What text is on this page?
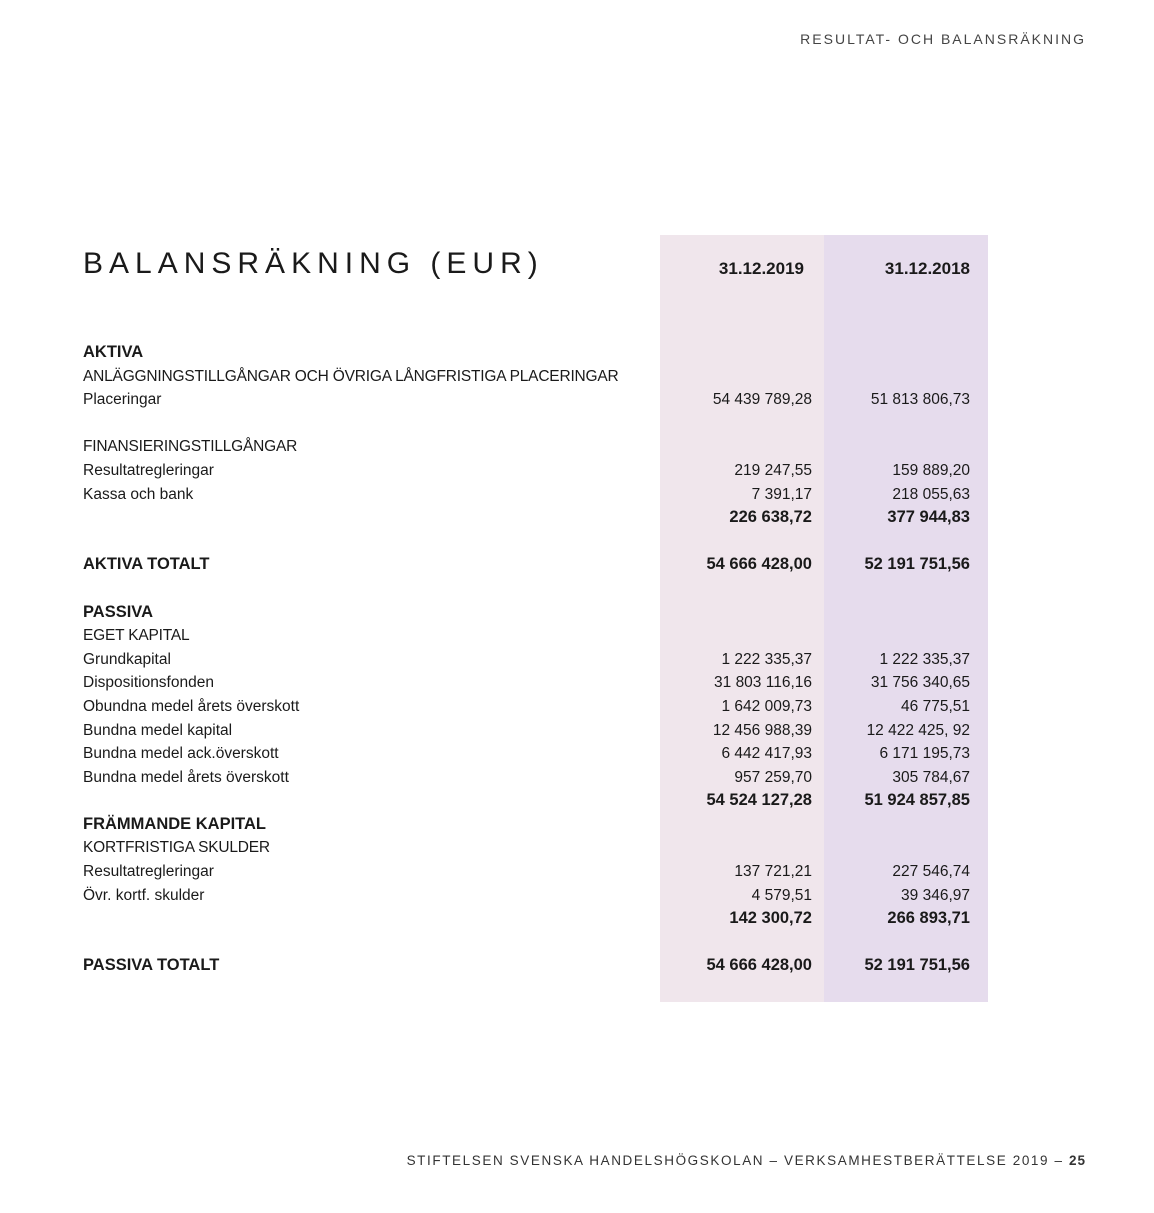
RESULTAT- OCH BALANSRÄKNING
BALANSRÄKNING (EUR)	31.12.2019	31.12.2018
AKTIVA
ANLÄGGNINGSTILLGÅNGAR OCH ÖVRIGA LÅNGFRISTIGA PLACERINGAR
Placeringar	54 439 789,28	51 813 806,73
FINANSIERINGSTILLGÅNGAR
Resultatregleringar	219 247,55	159 889,20
Kassa och bank	7 391,17	218 055,63
226 638,72	377 944,83
AKTIVA TOTALT	54 666 428,00	52 191 751,56
PASSIVA
EGET KAPITAL
Grundkapital	1 222 335,37	1 222 335,37
Dispositionsfonden	31 803 116,16	31 756 340,65
Obundna medel årets överskott	1 642 009,73	46 775,51
Bundna medel kapital	12 456 988,39	12 422 425, 92
Bundna medel ack.överskott	6 442 417,93	6 171 195,73
Bundna medel årets överskott	957 259,70	305 784,67
54 524 127,28	51 924 857,85
FRÄMMANDE KAPITAL
KORTFRISTIGA SKULDER
Resultatregleringar	137 721,21	227 546,74
Övr. kortf. skulder	4 579,51	39 346,97
142 300,72	266 893,71
PASSIVA TOTALT	54 666 428,00	52 191 751,56
STIFTELSEN SVENSKA HANDELSHÖGSKOLAN – VERKSAMHESTBERÄTTELSE 2019 – 25
